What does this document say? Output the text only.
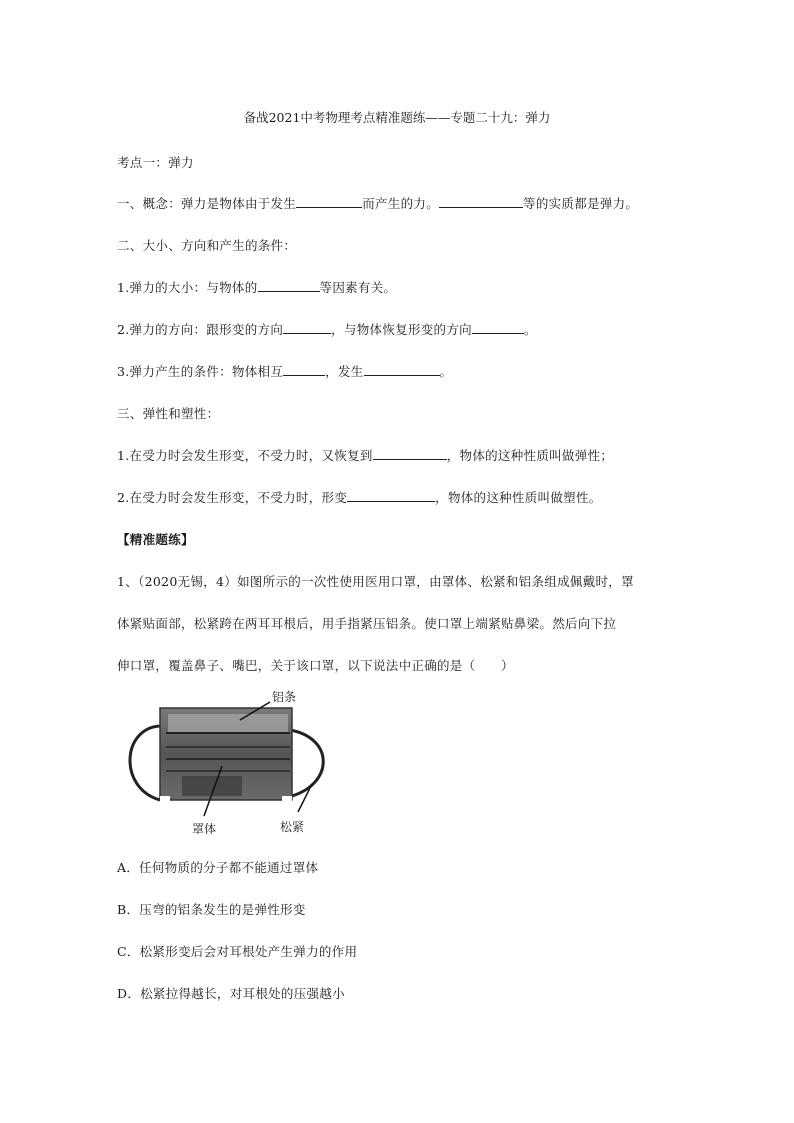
备战2021中考物理考点精准题练——专题二十九：弹力
考点一：弹力
一、概念：弹力是物体由于发生	而产生的力。	等的实质都是弹力。
二、大小、方向和产生的条件：
1.弹力的大小：与物体的	等因素有关。
2.弹力的方向：跟形变的方向	，与物体恢复形变的方向	。
3.弹力产生的条件：物体相互	，发生	。
三、弹性和塑性：
1.在受力时会发生形变，不受力时，又恢复到	，物体的这种性质叫做弹性；
2.在受力时会发生形变，不受力时，形变	，物体的这种性质叫做塑性。
【精准题练】
1、（2020无锡，4）如图所示的一次性使用医用口罩，由罩体、松紧和铝条组成佩戴时，罩
体紧贴面部，松紧跨在两耳耳根后，用手指紧压铝条。使口罩上端紧贴鼻梁。然后向下拉
伸口罩，覆盖鼻子、嘴巴，关于该口罩，以下说法中正确的是（　　）
铝条
罩体	松紧
A．任何物质的分子都不能通过罩体
B．压弯的铝条发生的是弹性形变
C．松紧形变后会对耳根处产生弹力的作用
D．松紧拉得越长，对耳根处的压强越小
